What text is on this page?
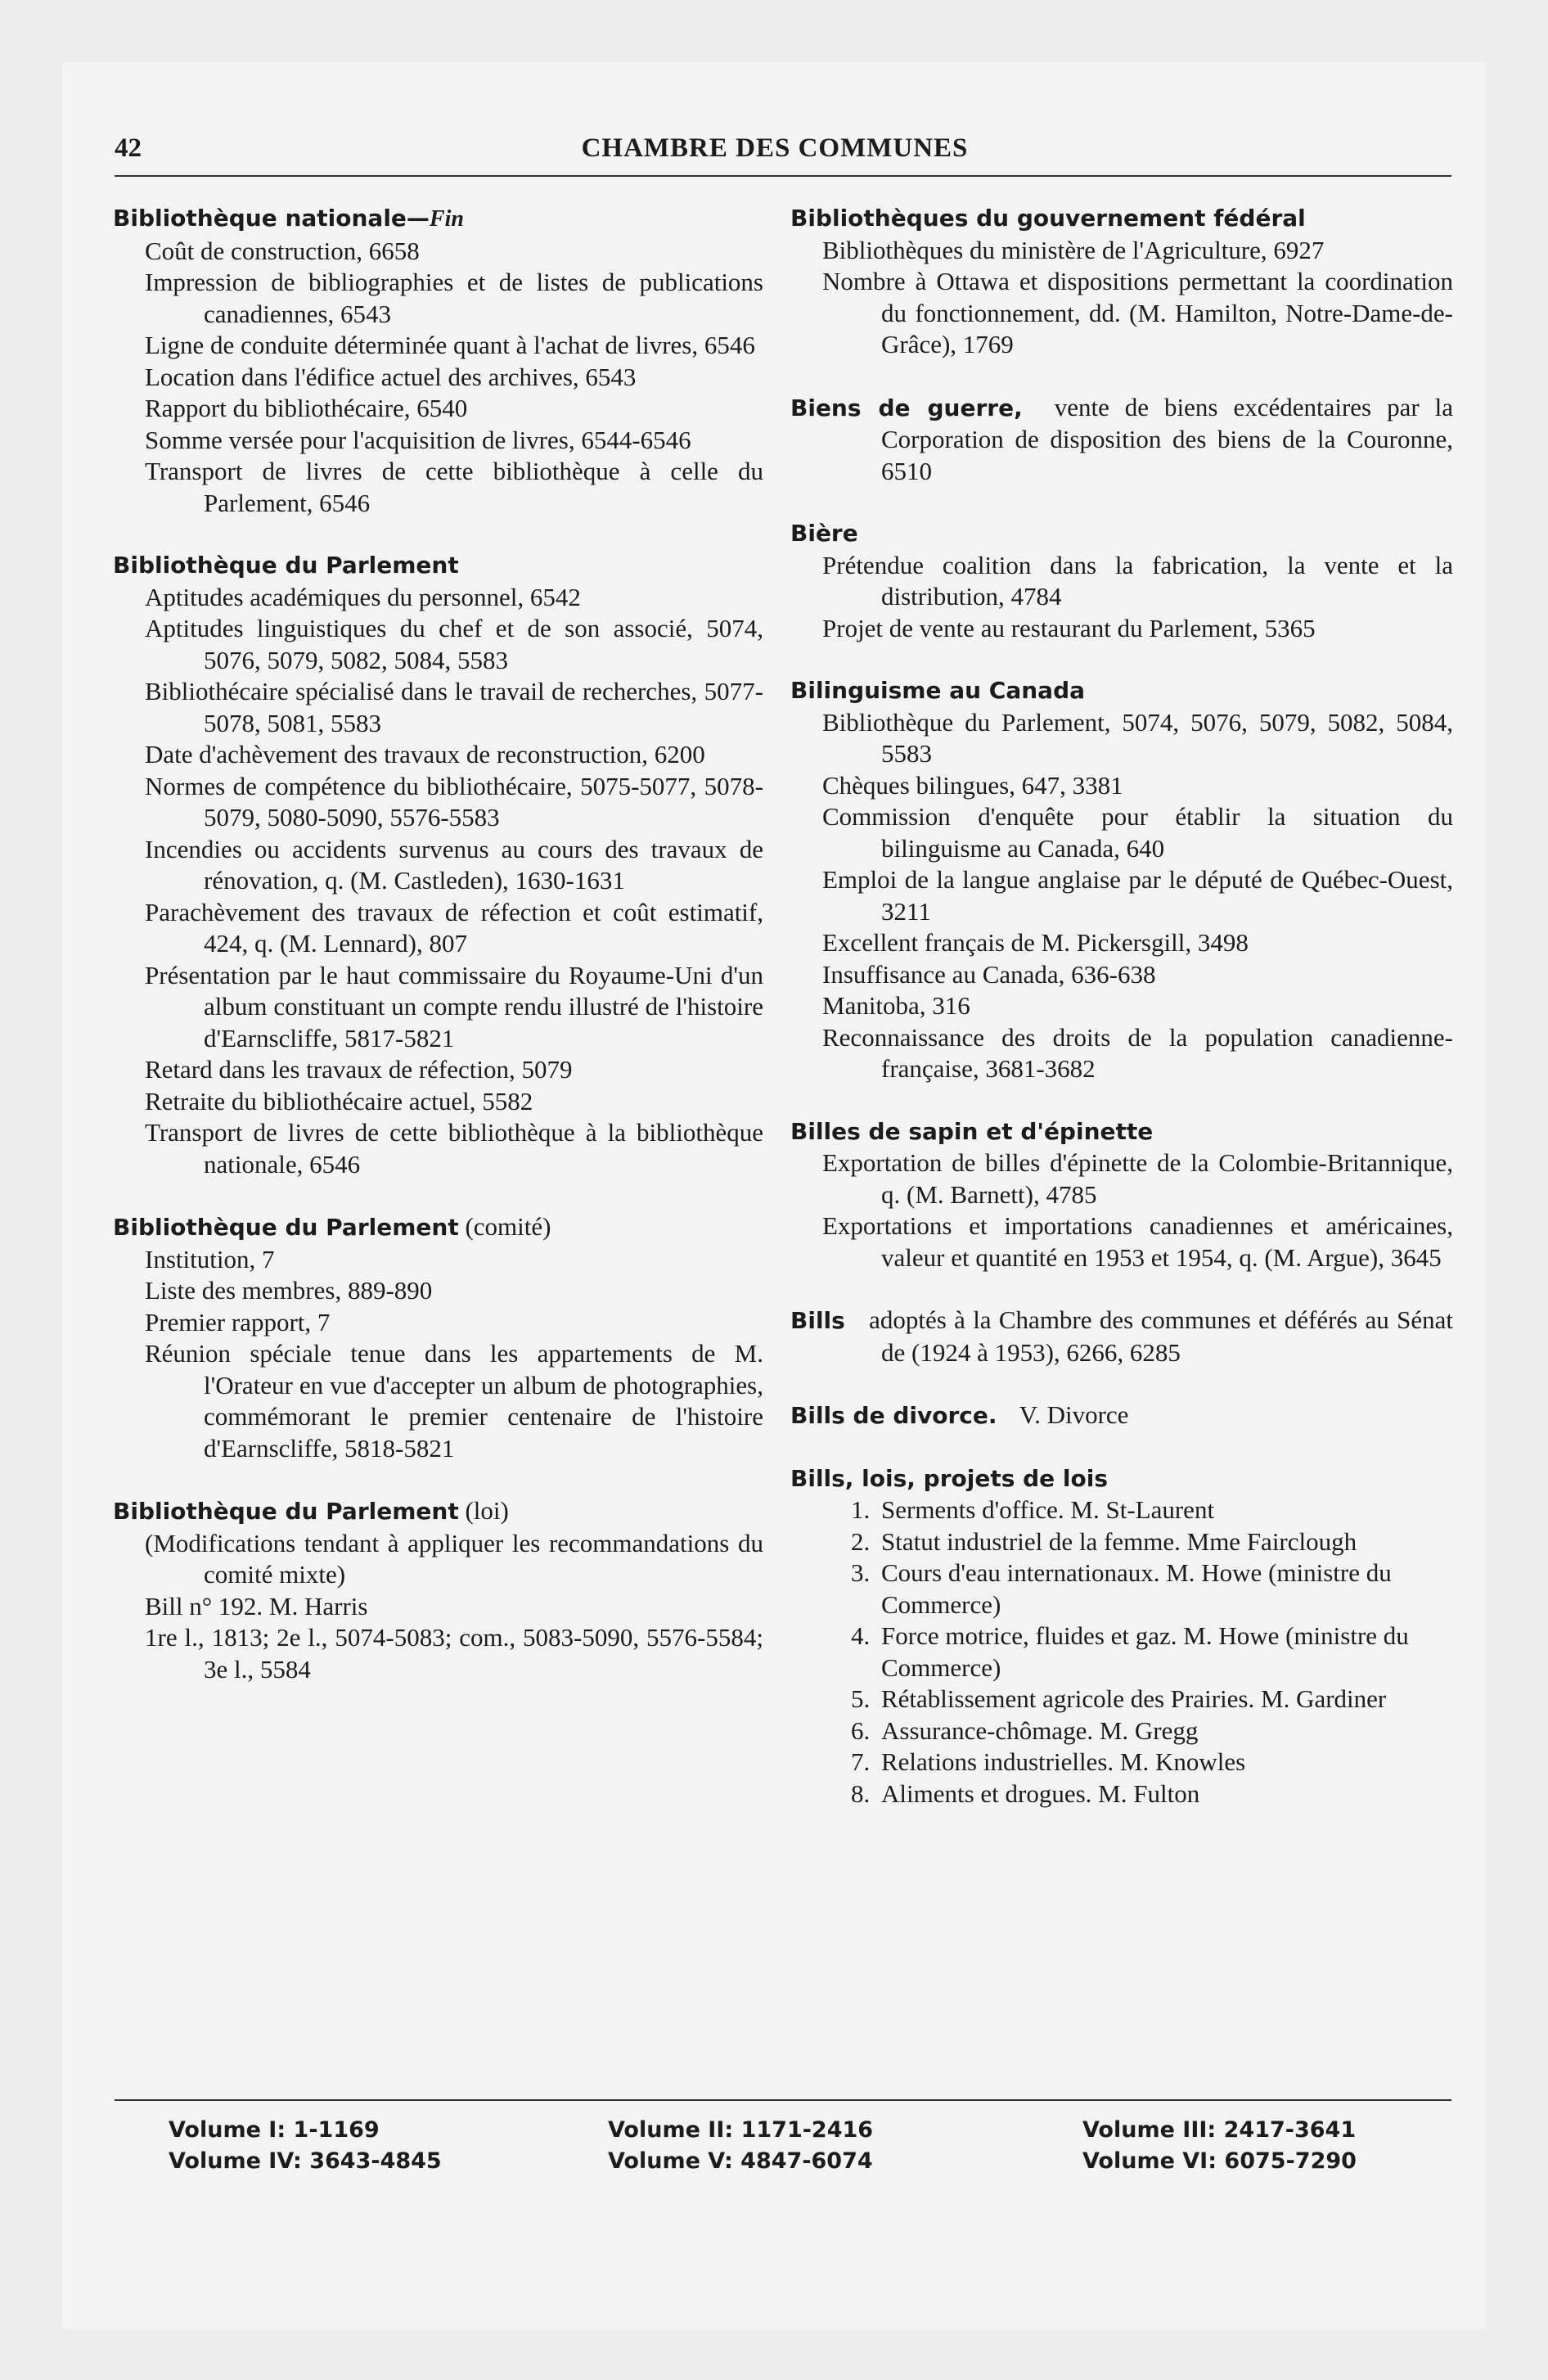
42	CHAMBRE DES COMMUNES
Bibliothèque nationale—Fin
Coût de construction, 6658
Impression de bibliographies et de listes de publications canadiennes, 6543
Ligne de conduite déterminée quant à l'achat de livres, 6546
Location dans l'édifice actuel des archives, 6543
Rapport du bibliothécaire, 6540
Somme versée pour l'acquisition de livres, 6544-6546
Transport de livres de cette bibliothèque à celle du Parlement, 6546
Bibliothèque du Parlement
Aptitudes académiques du personnel, 6542
Aptitudes linguistiques du chef et de son associé, 5074, 5076, 5079, 5082, 5084, 5583
Bibliothécaire spécialisé dans le travail de recherches, 5077-5078, 5081, 5583
Date d'achèvement des travaux de reconstruction, 6200
Normes de compétence du bibliothécaire, 5075-5077, 5078-5079, 5080-5090, 5576-5583
Incendies ou accidents survenus au cours des travaux de rénovation, q. (M. Castleden), 1630-1631
Parachèvement des travaux de réfection et coût estimatif, 424, q. (M. Lennard), 807
Présentation par le haut commissaire du Royaume-Uni d'un album constituant un compte rendu illustré de l'histoire d'Earnscliffe, 5817-5821
Retard dans les travaux de réfection, 5079
Retraite du bibliothécaire actuel, 5582
Transport de livres de cette bibliothèque à la bibliothèque nationale, 6546
Bibliothèque du Parlement (comité)
Institution, 7
Liste des membres, 889-890
Premier rapport, 7
Réunion spéciale tenue dans les appartements de M. l'Orateur en vue d'accepter un album de photographies, commémorant le premier centenaire de l'histoire d'Earnscliffe, 5818-5821
Bibliothèque du Parlement (loi)
(Modifications tendant à appliquer les recommandations du comité mixte)
Bill n° 192. M. Harris
1re l., 1813; 2e l., 5074-5083; com., 5083-5090, 5576-5584; 3e l., 5584
Bibliothèques du gouvernement fédéral
Bibliothèques du ministère de l'Agriculture, 6927
Nombre à Ottawa et dispositions permettant la coordination du fonctionnement, dd. (M. Hamilton, Notre-Dame-de-Grâce), 1769
Biens de guerre, vente de biens excédentaires par la Corporation de disposition des biens de la Couronne, 6510
Bière
Prétendue coalition dans la fabrication, la vente et la distribution, 4784
Projet de vente au restaurant du Parlement, 5365
Bilinguisme au Canada
Bibliothèque du Parlement, 5074, 5076, 5079, 5082, 5084, 5583
Chèques bilingues, 647, 3381
Commission d'enquête pour établir la situation du bilinguisme au Canada, 640
Emploi de la langue anglaise par le député de Québec-Ouest, 3211
Excellent français de M. Pickersgill, 3498
Insuffisance au Canada, 636-638
Manitoba, 316
Reconnaissance des droits de la population canadienne-française, 3681-3682
Billes de sapin et d'épinette
Exportation de billes d'épinette de la Colombie-Britannique, q. (M. Barnett), 4785
Exportations et importations canadiennes et américaines, valeur et quantité en 1953 et 1954, q. (M. Argue), 3645
Bills adoptés à la Chambre des communes et déférés au Sénat de (1924 à 1953), 6266, 6285
Bills de divorce. V. Divorce
Bills, lois, projets de lois
1. Serments d'office. M. St-Laurent
2. Statut industriel de la femme. Mme Fairclough
3. Cours d'eau internationaux. M. Howe (ministre du Commerce)
4. Force motrice, fluides et gaz. M. Howe (ministre du Commerce)
5. Rétablissement agricole des Prairies. M. Gardiner
6. Assurance-chômage. M. Gregg
7. Relations industrielles. M. Knowles
8. Aliments et drogues. M. Fulton
Volume I: 1-1169
Volume IV: 3643-4845
Volume II: 1171-2416
Volume V: 4847-6074
Volume III: 2417-3641
Volume VI: 6075-7290
